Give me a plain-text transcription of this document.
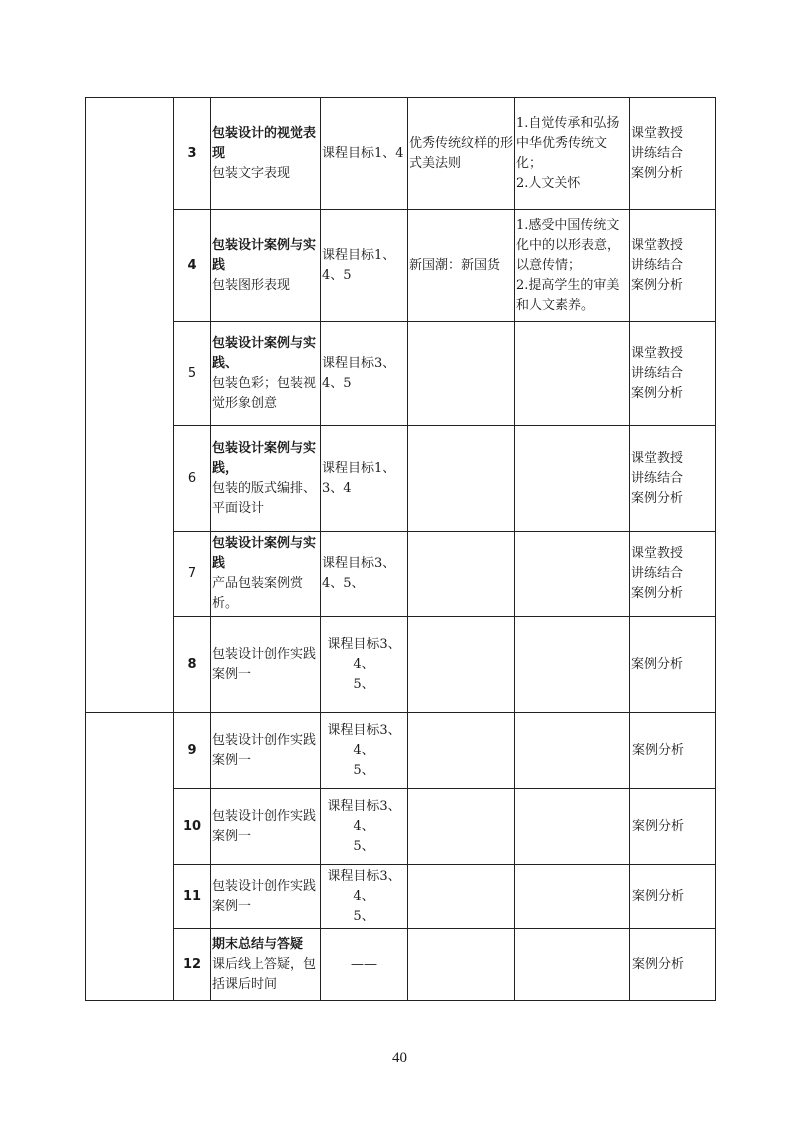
	3	包装设计的视觉表现
包装文字表现	课程目标1、4	优秀传统纹样的形式美法则	1.自觉传承和弘扬中华优秀传统文化；
2.人文关怀	课堂教授
讲练结合
案例分析
	4	包装设计案例与实践
包装图形表现	课程目标1、4、5	新国潮：新国货	1.感受中国传统文化中的以形表意，以意传情；
2.提高学生的审美和人文素养。	课堂教授
讲练结合
案例分析
	5	包装设计案例与实践、
包装色彩；包装视觉形象创意	课程目标3、4、5			课堂教授
讲练结合
案例分析
	6	包装设计案例与实践，
包装的版式编排、平面设计	课程目标1、3、4			课堂教授
讲练结合
案例分析
	7	包装设计案例与实践
产品包装案例赏析。	课程目标3、4、5、			课堂教授
讲练结合
案例分析
	8	包装设计创作实践案例一	课程目标3、4、
5、			案例分析
	9	包装设计创作实践案例一	课程目标3、4、
5、			案例分析
	10	包装设计创作实践案例一	课程目标3、4、
5、			案例分析
	11	包装设计创作实践案例一	课程目标3、4、
5、			案例分析
	12	期末总结与答疑
课后线上答疑，包括课后时间	——			案例分析
40
